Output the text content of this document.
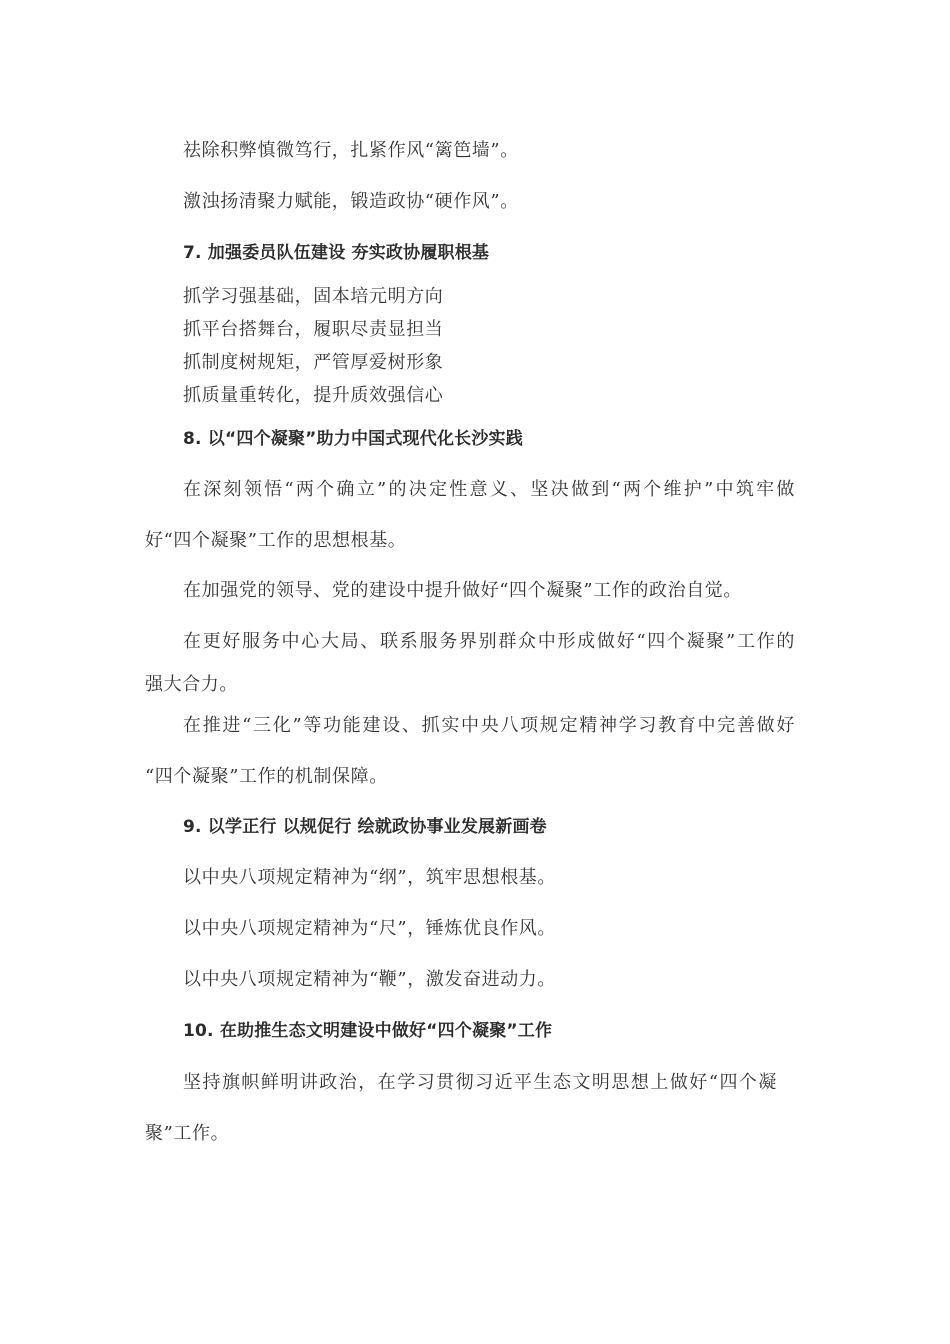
祛除积弊慎微笃行，扎紧作风“篱笆墙”。
激浊扬清聚力赋能，锻造政协“硬作风”。
7. 加强委员队伍建设 夯实政协履职根基
抓学习强基础，固本培元明方向
抓平台搭舞台，履职尽责显担当
抓制度树规矩，严管厚爱树形象
抓质量重转化，提升质效强信心
8. 以“四个凝聚”助力中国式现代化长沙实践
在深刻领悟“两个确立”的决定性意义、坚决做到“两个维护”中筑牢做
好“四个凝聚”工作的思想根基。
在加强党的领导、党的建设中提升做好“四个凝聚”工作的政治自觉。
在更好服务中心大局、联系服务界别群众中形成做好“四个凝聚”工作的
强大合力。
在推进“三化”等功能建设、抓实中央八项规定精神学习教育中完善做好
“四个凝聚”工作的机制保障。
9. 以学正行 以规促行 绘就政协事业发展新画卷
以中央八项规定精神为“纲”，筑牢思想根基。
以中央八项规定精神为“尺”，锤炼优良作风。
以中央八项规定精神为“鞭”，激发奋进动力。
10. 在助推生态文明建设中做好“四个凝聚”工作
坚持旗帜鲜明讲政治，在学习贯彻习近平生态文明思想上做好“四个凝
聚”工作。
